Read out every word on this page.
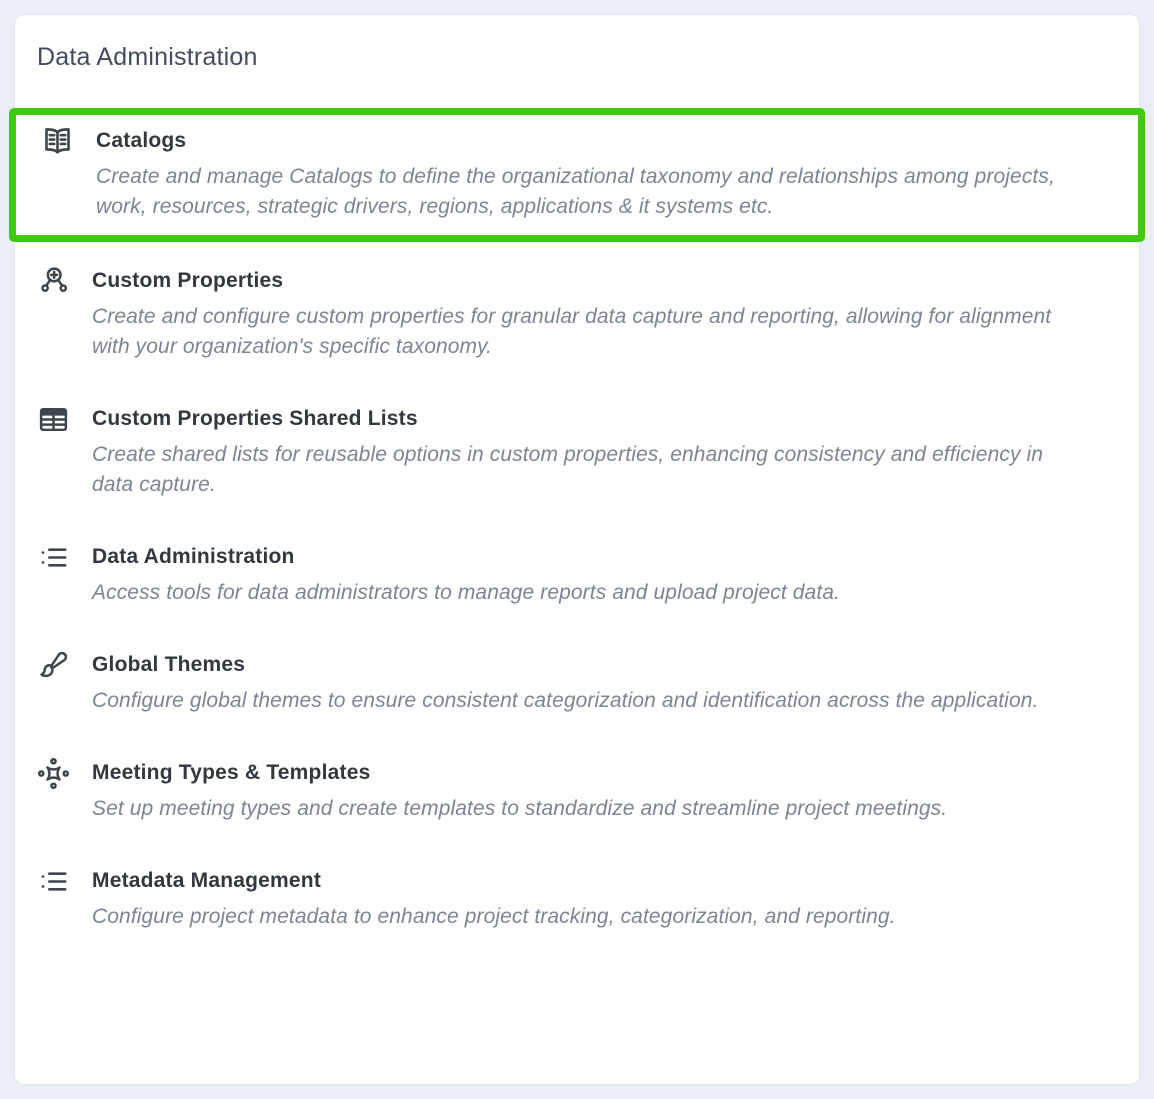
Data Administration
Catalogs
Create and manage Catalogs to define the organizational taxonomy and relationships among projects, work, resources, strategic drivers, regions, applications & it systems etc.
Custom Properties
Create and configure custom properties for granular data capture and reporting, allowing for alignment with your organization's specific taxonomy.
Custom Properties Shared Lists
Create shared lists for reusable options in custom properties, enhancing consistency and efficiency in data capture.
Data Administration
Access tools for data administrators to manage reports and upload project data.
Global Themes
Configure global themes to ensure consistent categorization and identification across the application.
Meeting Types & Templates
Set up meeting types and create templates to standardize and streamline project meetings.
Metadata Management
Configure project metadata to enhance project tracking, categorization, and reporting.
